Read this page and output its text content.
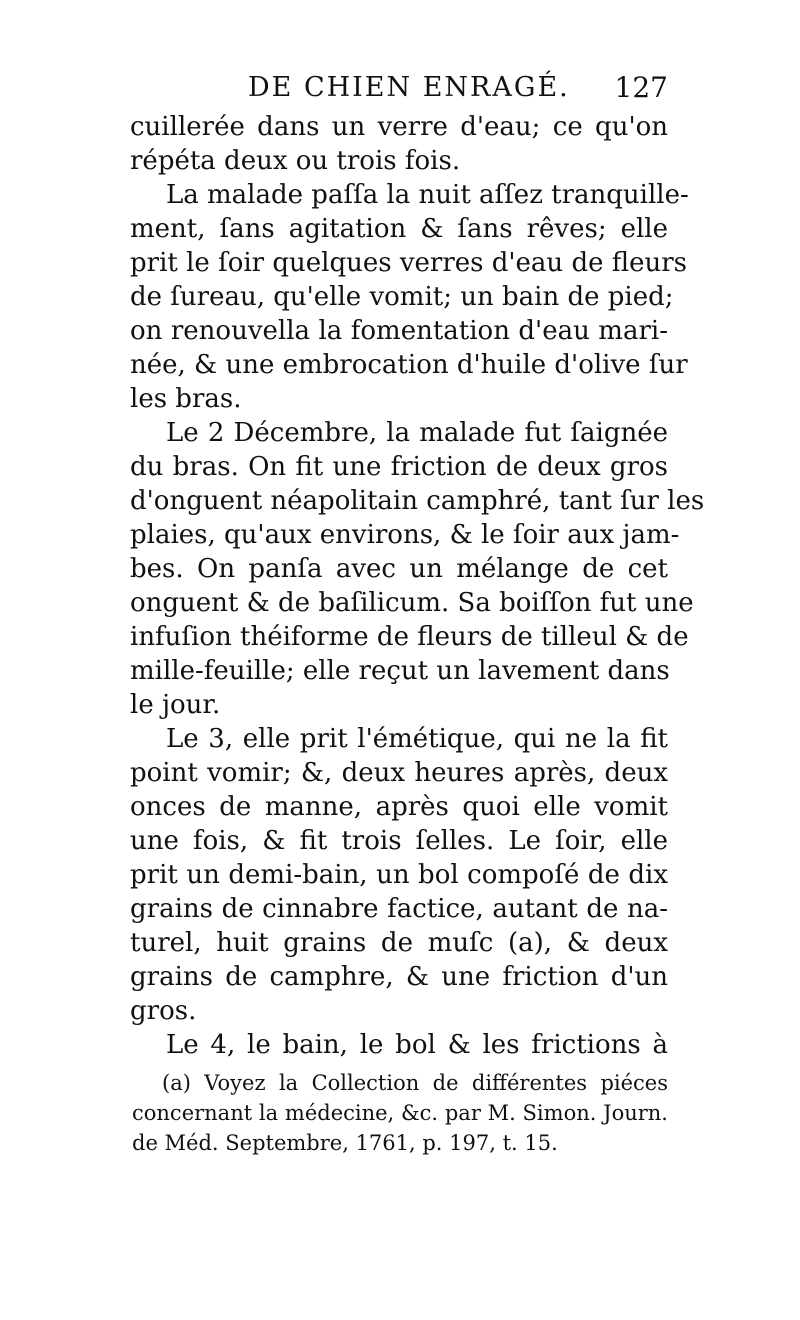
DE CHIEN ENRAGÉ. 127
cuillerée dans un verre d'eau; ce qu'on
répéta deux ou trois fois.
La malade paſſa la nuit aſſez tranquille-
ment, ſans agitation & ſans rêves; elle
prit le ſoir quelques verres d'eau de fleurs
de ſureau, qu'elle vomit; un bain de pied;
on renouvella la fomentation d'eau mari-
née, & une embrocation d'huile d'olive ſur
les bras.
Le 2 Décembre, la malade fut ſaignée
du bras. On fit une friction de deux gros
d'onguent néapolitain camphré, tant ſur les
plaies, qu'aux environs, & le ſoir aux jam-
bes. On panſa avec un mélange de cet
onguent & de baſilicum. Sa boiſſon fut une
infuſion théiforme de fleurs de tilleul & de
mille-feuille; elle reçut un lavement dans
le jour.
Le 3, elle prit l'émétique, qui ne la fit
point vomir; &, deux heures après, deux
onces de manne, après quoi elle vomit
une fois, & fit trois ſelles. Le ſoir, elle
prit un demi-bain, un bol compoſé de dix
grains de cinnabre factice, autant de na-
turel, huit grains de muſc (a), & deux
grains de camphre, & une friction d'un
gros.
Le 4, le bain, le bol & les frictions à
(a) Voyez la Collection de différentes piéces
concernant la médecine, &c. par M. Simon. Journ.
de Méd. Septembre, 1761, p. 197, t. 15.
